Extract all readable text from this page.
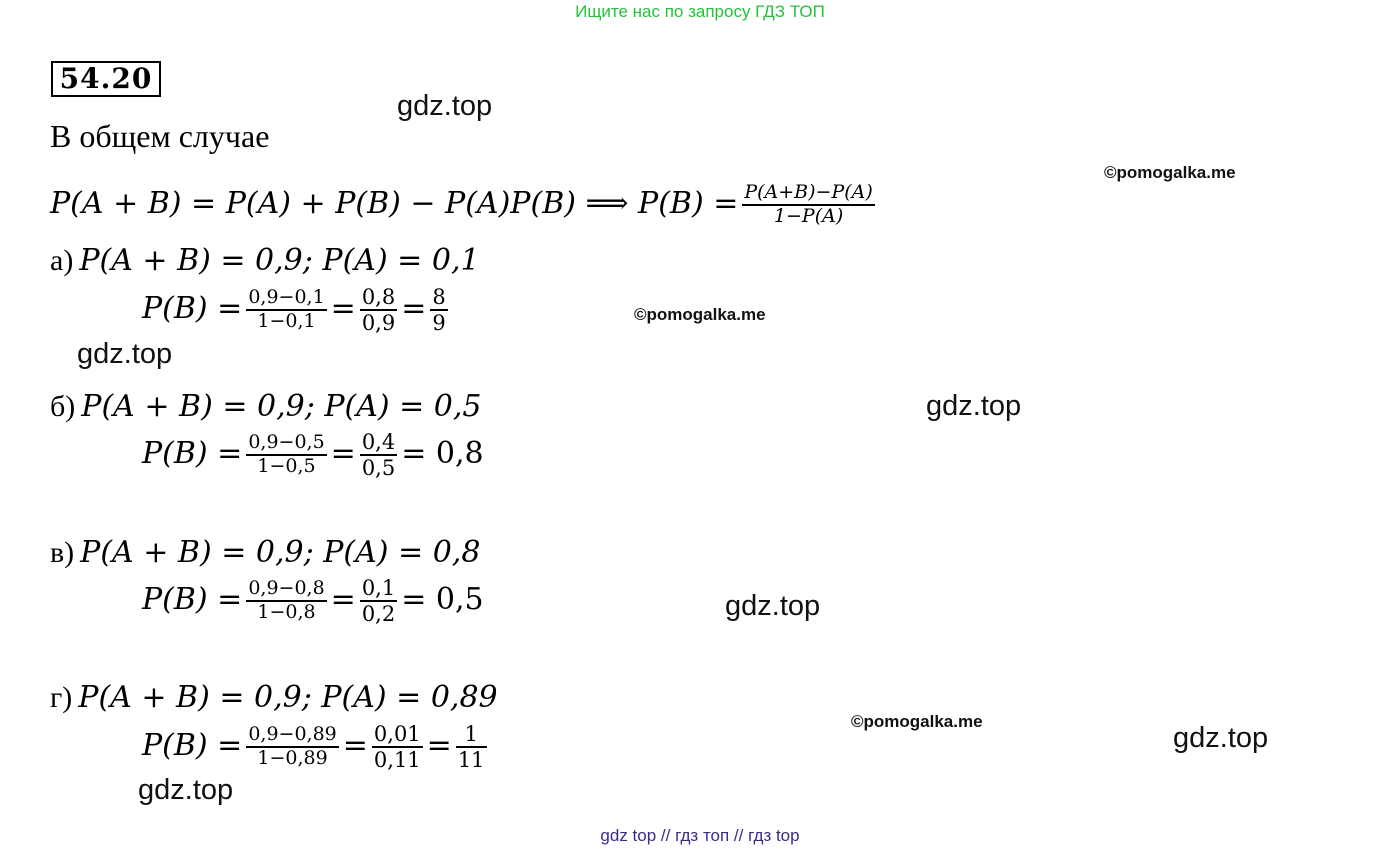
Ищите нас по запросу ГДЗ ТОП
54.20
gdz.top
В общем случае
©pomogalka.me
P(A + B) = P(A) + P(B) − P(A)P(B) ⟹ $P(B) = \frac{P(A+B)-P(A)}{1-P(A)}$
а) P(A + B) = 0,9; P(A) = 0,1
$P(B) = \frac{0,9-0,1}{1-0,1} = \frac{0,8}{0,9} = \frac{8}{9}$	©pomogalka.me
gdz.top
б) P(A + B) = 0,9; P(A) = 0,5	gdz.top
$P(B) = \frac{0,9-0,5}{1-0,5} = \frac{0,4}{0,5} = 0,8$
в) P(A + B) = 0,9; P(A) = 0,8
$P(B) = \frac{0,9-0,8}{1-0,8} = \frac{0,1}{0,2} = 0,5$	gdz.top
г) P(A + B) = 0,9; P(A) = 0,89
©pomogalka.me
gdz.top
$P(B) = \frac{0,9-0,89}{1-0,89} = \frac{0,01}{0,11} = \frac{1}{11}$
gdz.top
gdz top // гдз топ // гдз top
